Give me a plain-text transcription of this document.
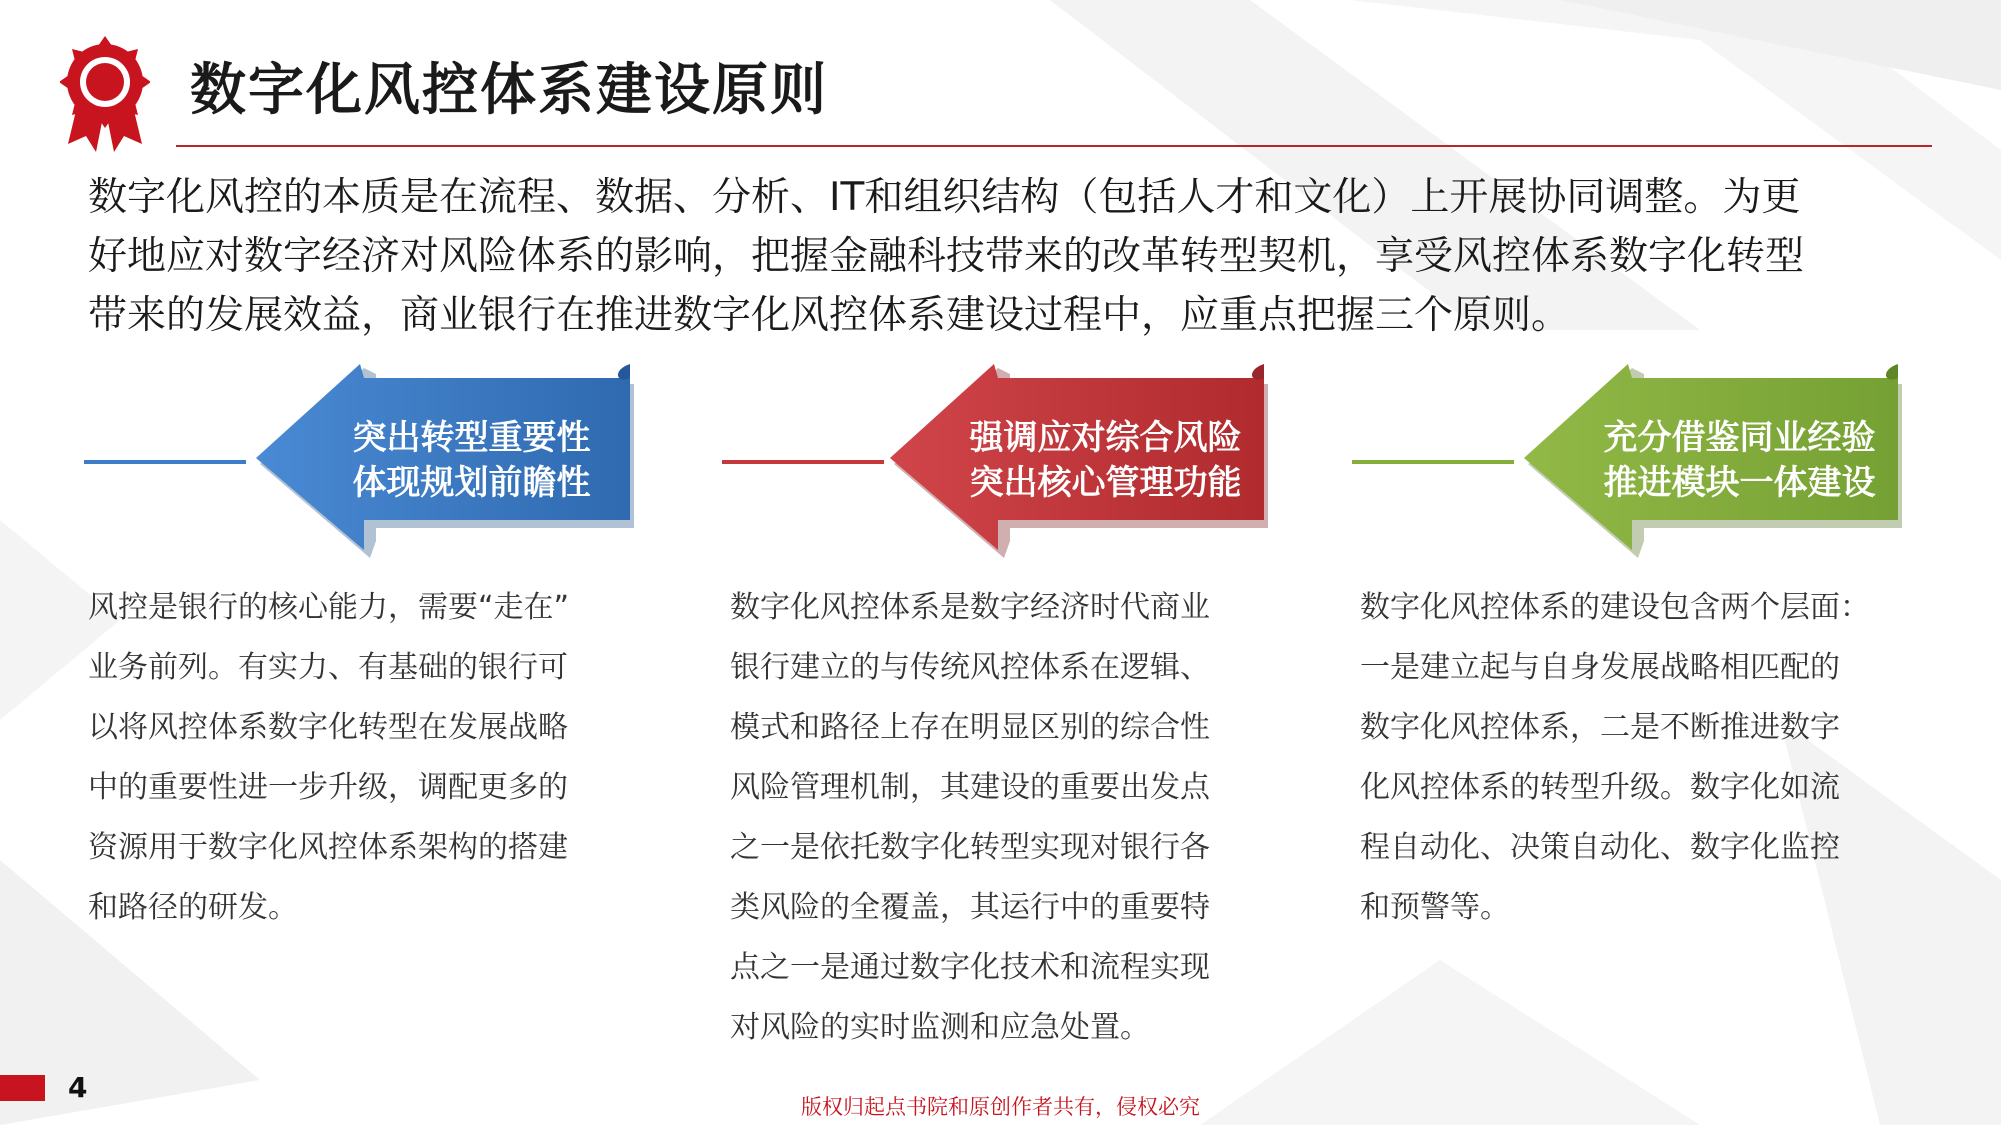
数字化风控体系建设原则

数字化风控的本质是在流程、数据、分析、IT和组织结构（包括人才和文化）上开展协同调整。为更

好地应对数字经济对风险体系的影响，把握金融科技带来的改革转型契机，享受风控体系数字化转型

带来的发展效益，商业银行在推进数字化风控体系建设过程中，应重点把握三个原则。

突出转型重要性
体现规划前瞻性

风控是银行的核心能力，需要“走在”

业务前列。有实力、有基础的银行可

以将风控体系数字化转型在发展战略

中的重要性进一步升级，调配更多的

资源用于数字化风控体系架构的搭建

和路径的研发。

强调应对综合风险
突出核心管理功能

数字化风控体系是数字经济时代商业

银行建立的与传统风控体系在逻辑、

模式和路径上存在明显区别的综合性

风险管理机制，其建设的重要出发点

之一是依托数字化转型实现对银行各

类风险的全覆盖，其运行中的重要特

点之一是通过数字化技术和流程实现

对风险的实时监测和应急处置。

充分借鉴同业经验
推进模块一体建设

数字化风控体系的建设包含两个层面：

一是建立起与自身发展战略相匹配的

数字化风控体系，二是不断推进数字

化风控体系的转型升级。数字化如流

程自动化、决策自动化、数字化监控

和预警等。

4
版权归起点书院和原创作者共有，侵权必究
